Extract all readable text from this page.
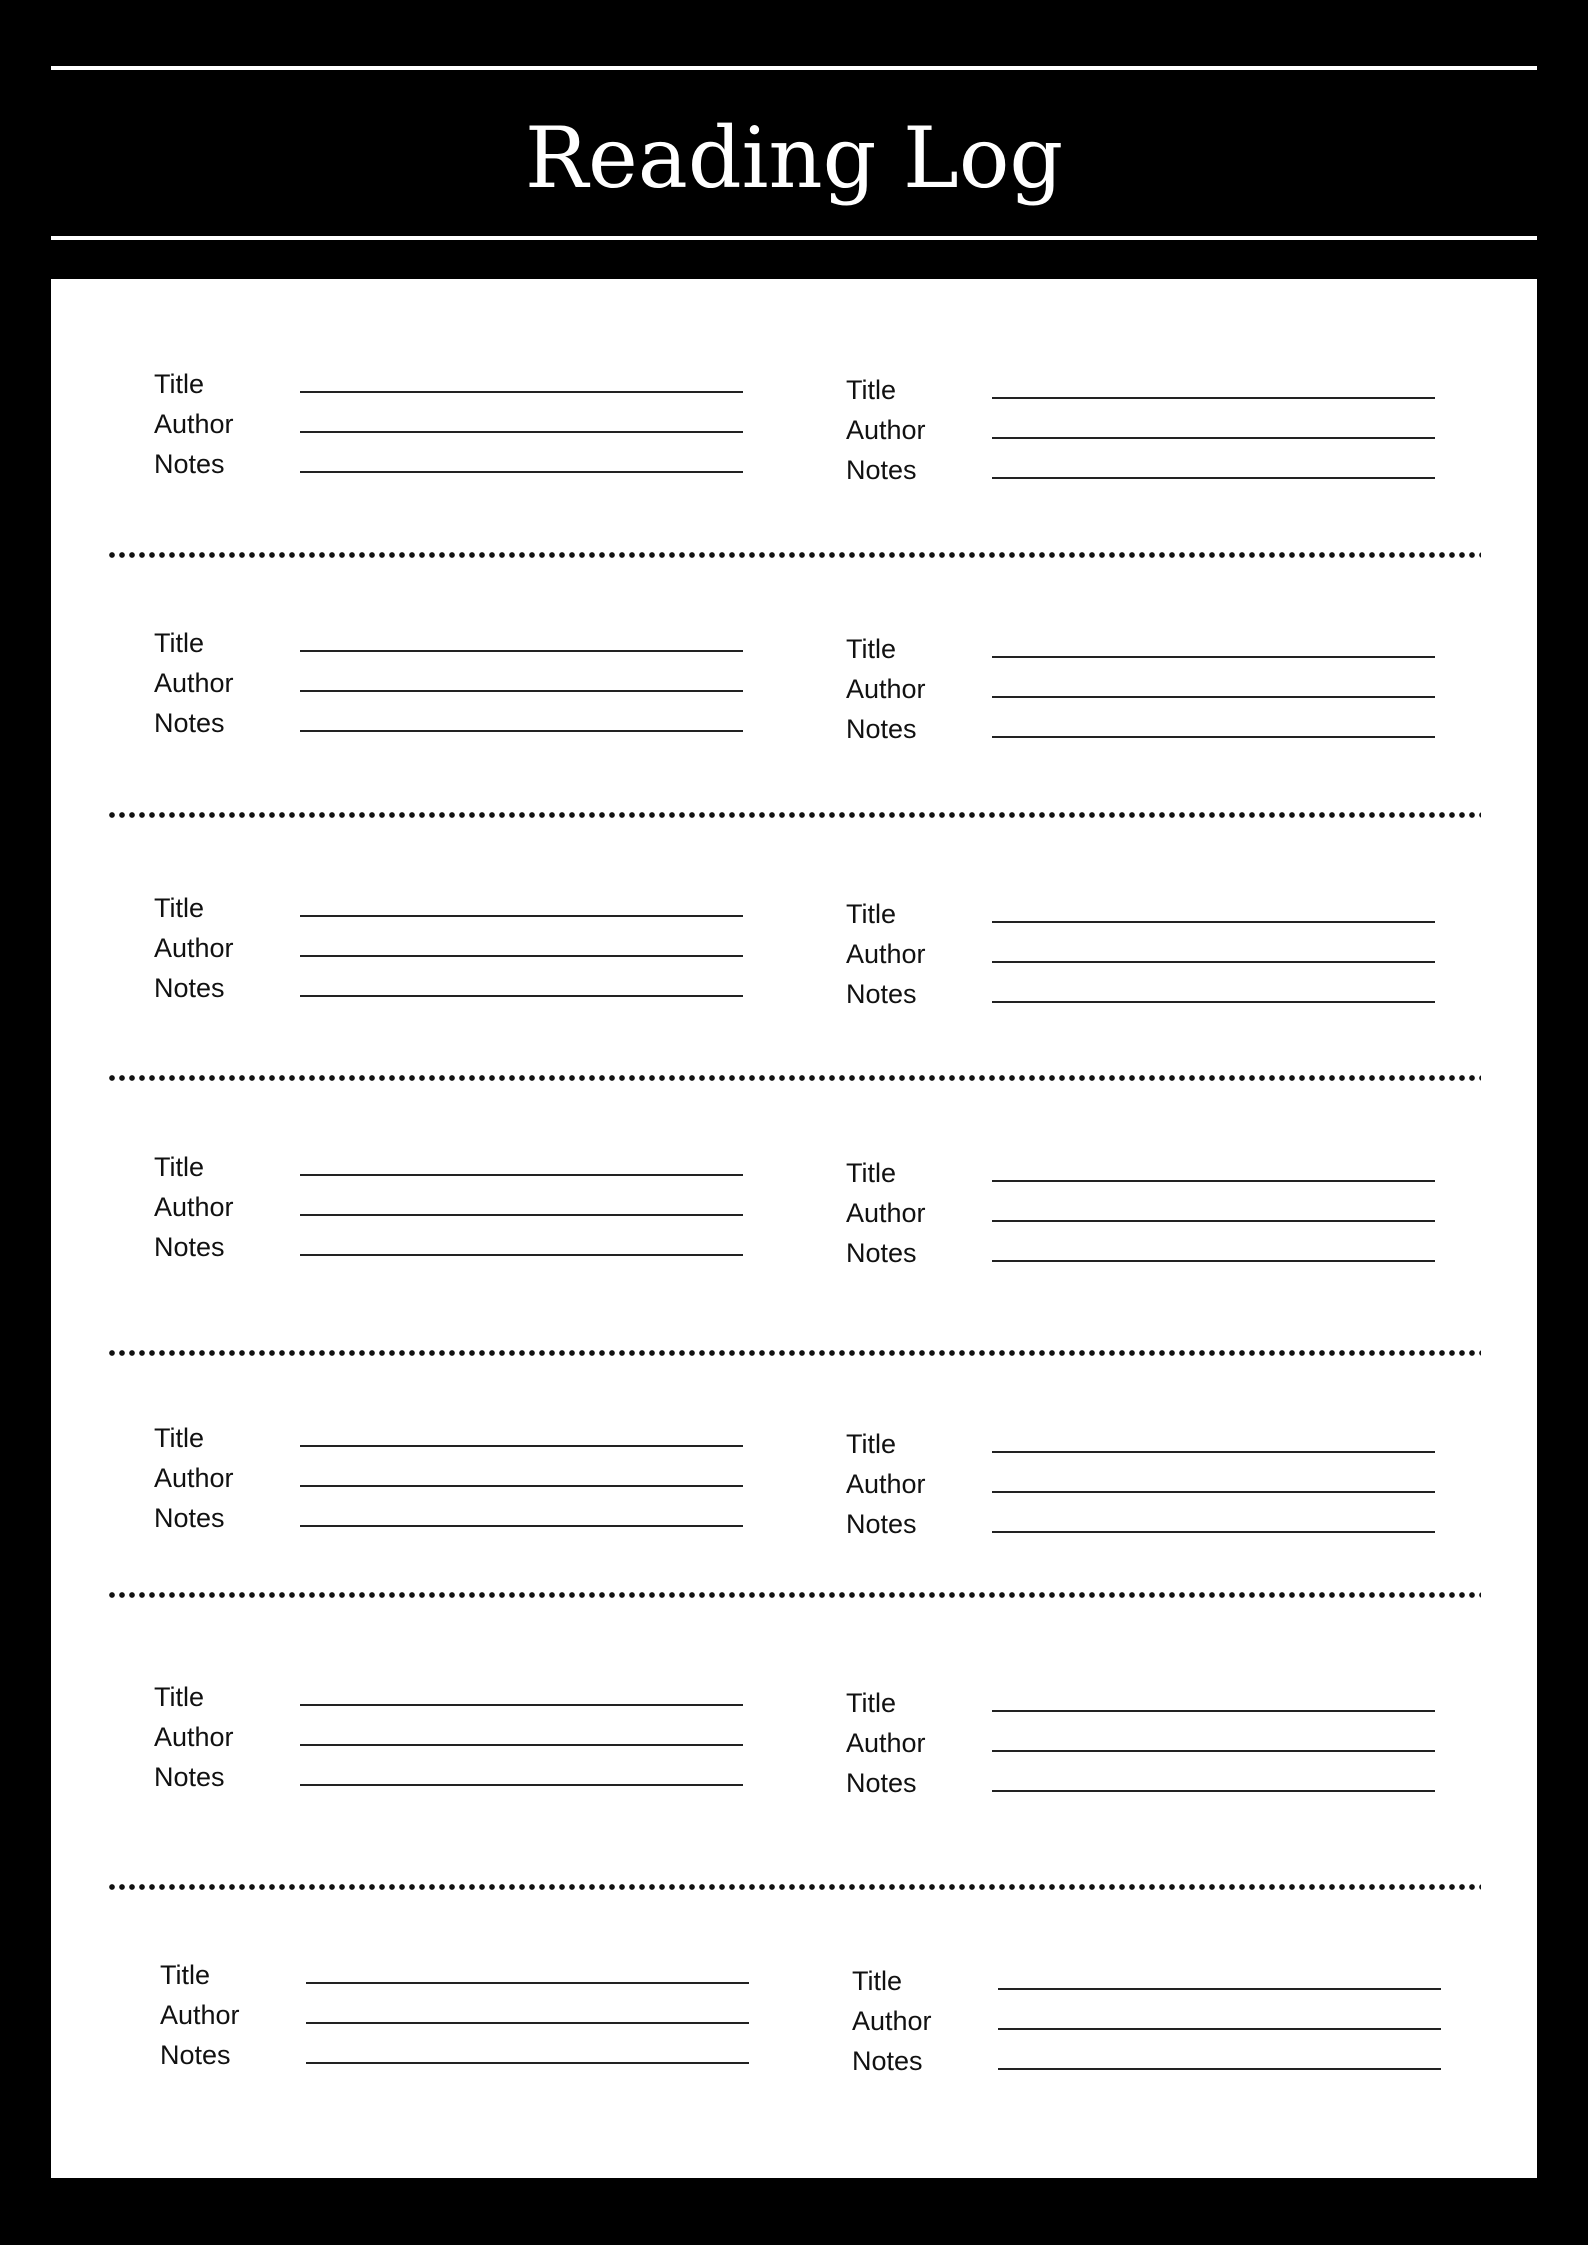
Reading Log
Title
Author
Notes
Title
Author
Notes
Title
Author
Notes
Title
Author
Notes
Title
Author
Notes
Title
Author
Notes
Title
Author
Notes
Title
Author
Notes
Title
Author
Notes
Title
Author
Notes
Title
Author
Notes
Title
Author
Notes
Title
Author
Notes
Title
Author
Notes
